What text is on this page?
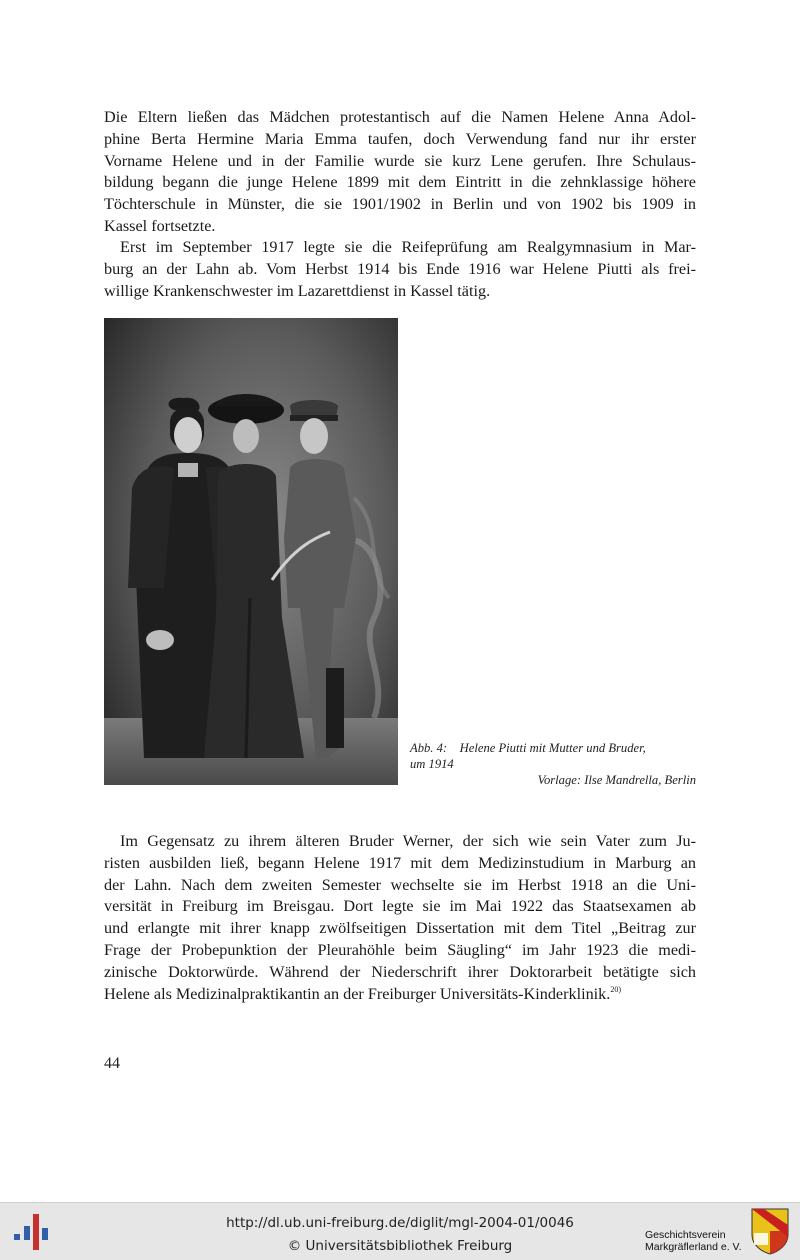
Die Eltern ließen das Mädchen protestantisch auf die Namen Helene Anna Adol-
phine Berta Hermine Maria Emma taufen, doch Verwendung fand nur ihr erster
Vorname Helene und in der Familie wurde sie kurz Lene gerufen. Ihre Schulaus-
bildung begann die junge Helene 1899 mit dem Eintritt in die zehnklassige höhere
Töchterschule in Münster, die sie 1901/1902 in Berlin und von 1902 bis 1909 in
Kassel fortsetzte.
Erst im September 1917 legte sie die Reifeprüfung am Realgymnasium in Mar-
burg an der Lahn ab. Vom Herbst 1914 bis Ende 1916 war Helene Piutti als frei-
willige Krankenschwester im Lazarettdienst in Kassel tätig.
Abb. 4: Helene Piutti mit Mutter und Bruder,
um 1914
Vorlage: Ilse Mandrella, Berlin
Im Gegensatz zu ihrem älteren Bruder Werner, der sich wie sein Vater zum Ju-
risten ausbilden ließ, begann Helene 1917 mit dem Medizinstudium in Marburg an
der Lahn. Nach dem zweiten Semester wechselte sie im Herbst 1918 an die Uni-
versität in Freiburg im Breisgau. Dort legte sie im Mai 1922 das Staatsexamen ab
und erlangte mit ihrer knapp zwölfseitigen Dissertation mit dem Titel „Beitrag zur
Frage der Probepunktion der Pleurahöhle beim Säugling“ im Jahr 1923 die medi-
zinische Doktorwürde. Während der Niederschrift ihrer Doktorarbeit betätigte sich
Helene als Medizinalpraktikantin an der Freiburger Universitäts-Kinderklinik.$^{20)}$
44
http://dl.ub.uni-freiburg.de/diglit/mgl-2004-01/0046
© Universitätsbibliothek Freiburg
Geschichtsverein
Markgräflerland e. V.
